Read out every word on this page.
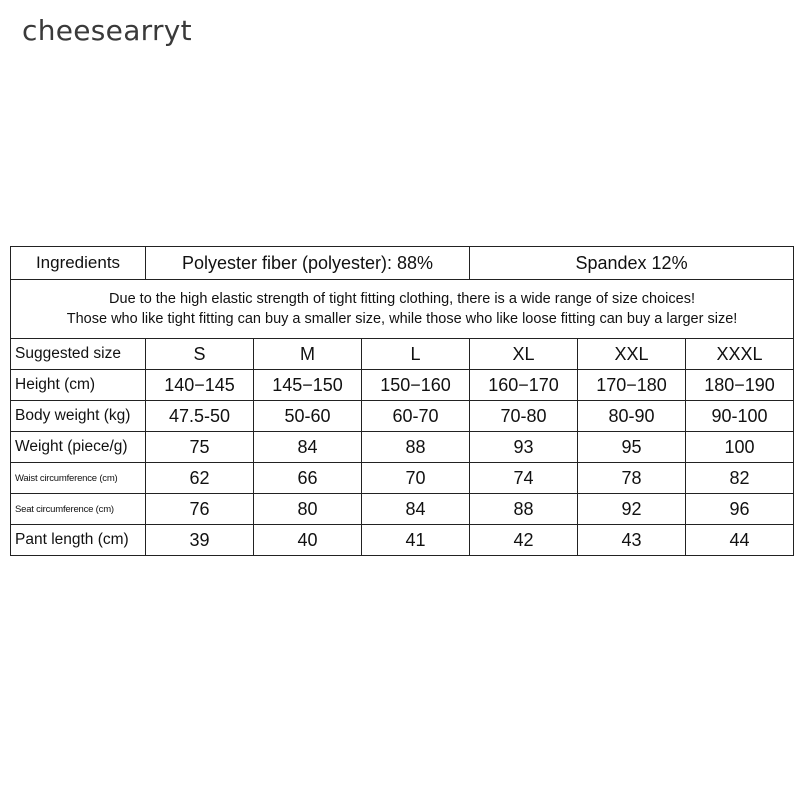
cheesearryt
Ingredients	Polyester fiber (polyester): 88%			Spandex 12%		

Due to the high elastic strength of tight fitting clothing, there is a wide range of size choices!
Those who like tight fitting can buy a smaller size, while those who like loose fitting can buy a larger size!						

Suggested size	S	M	L	XL	XXL	XXXL
Height (cm)	140−145	145−150	150−160	160−170	170−180	180−190
Body weight (kg)	47.5-50	50-60	60-70	70-80	80-90	90-100
Weight (piece/g)	75	84	88	93	95	100
Waist circumference (cm)	62	66	70	74	78	82
Seat circumference (cm)	76	80	84	88	92	96
Pant length (cm)	39	40	41	42	43	44
